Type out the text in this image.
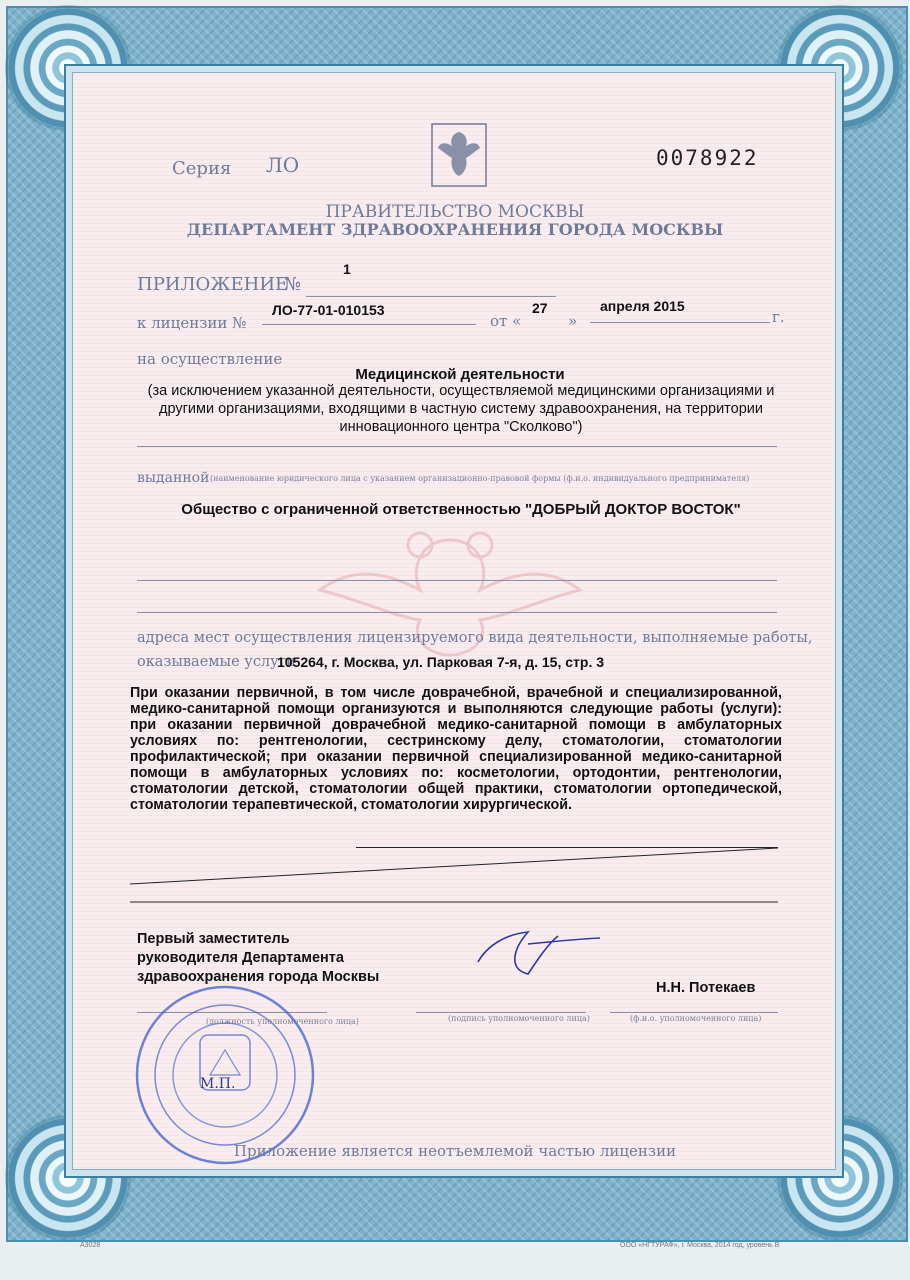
Серия ЛО	0078922
ПРАВИТЕЛЬСТВО МОСКВЫ
ДЕПАРТАМЕНТ ЗДРАВООХРАНЕНИЯ ГОРОДА МОСКВЫ
ПРИЛОЖЕНИЕ
№
1
к лицензии №
ЛО-77-01-010153
от «
27
»
апреля 2015
г.
на осуществление
Медицинской деятельности
(за исключением указанной деятельности, осуществляемой медицинскими организациями и другими организациями, входящими в частную систему здравоохранения, на территории инновационного центра "Сколково")
выданной (наименование юридического лица с указанием организационно-правовой формы (ф.и.о. индивидуального предпринимателя)
Общество с ограниченной ответственностью "ДОБРЫЙ ДОКТОР ВОСТОК"
адреса мест осуществления лицензируемого вида деятельности, выполняемые работы,
оказываемые услуги
105264, г. Москва, ул. Парковая 7-я, д. 15, стр. 3
При оказании первичной, в том числе доврачебной, врачебной и специализированной, медико-санитарной помощи организуются и выполняются следующие работы (услуги): при оказании первичной доврачебной медико-санитарной помощи в амбулаторных условиях по: рентгенологии, сестринскому делу, стоматологии, стоматологии профилактической; при оказании первичной специализированной медико-санитарной помощи в амбулаторных условиях по: косметологии, ортодонтии, рентгенологии, стоматологии детской, стоматологии общей практики, стоматологии ортопедической, стоматологии терапевтической, стоматологии хирургической.
Первый заместитель руководителя Департамента здравоохранения города Москвы
Н.Н. Потекаев
(должность уполномоченного лица)	(подпись уполномоченного лица)	(ф.и.о. уполномоченного лица)
М.П.
Приложение является неотъемлемой частью лицензии
А3028	ООО «НГТУРАФ», г. Москва, 2014 год, уровень В
